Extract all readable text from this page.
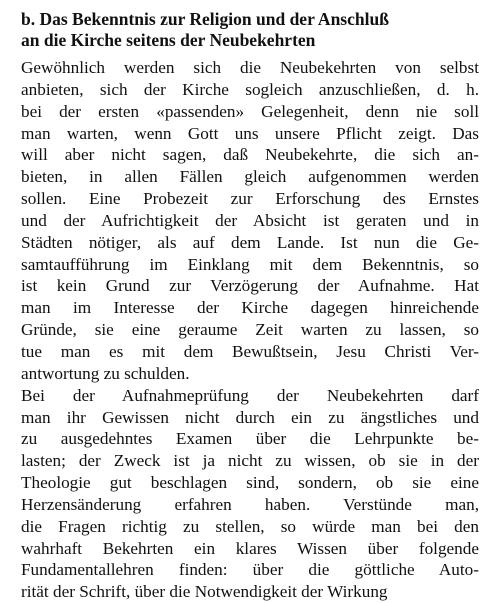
b. Das Bekenntnis zur Religion und der Anschluß
an die Kirche seitens der Neubekehrten
Gewöhnlich werden sich die Neubekehrten von selbst
anbieten, sich der Kirche sogleich anzuschließen, d. h.
bei der ersten «passenden» Gelegenheit, denn nie soll
man warten, wenn Gott uns unsere Pflicht zeigt. Das
will aber nicht sagen, daß Neubekehrte, die sich an-
bieten, in allen Fällen gleich aufgenommen werden
sollen. Eine Probezeit zur Erforschung des Ernstes
und der Aufrichtigkeit der Absicht ist geraten und in
Städten nötiger, als auf dem Lande. Ist nun die Ge-
samtaufführung im Einklang mit dem Bekenntnis, so
ist kein Grund zur Verzögerung der Aufnahme. Hat
man im Interesse der Kirche dagegen hinreichende
Gründe, sie eine geraume Zeit warten zu lassen, so
tue man es mit dem Bewußtsein, Jesu Christi Ver-
antwortung zu schulden.
Bei der Aufnahmeprüfung der Neubekehrten darf
man ihr Gewissen nicht durch ein zu ängstliches und
zu ausgedehntes Examen über die Lehrpunkte be-
lasten; der Zweck ist ja nicht zu wissen, ob sie in der
Theologie gut beschlagen sind, sondern, ob sie eine
Herzensänderung erfahren haben. Verstünde man,
die Fragen richtig zu stellen, so würde man bei den
wahrhaft Bekehrten ein klares Wissen über folgende
Fundamentallehren finden: über die göttliche Auto-
rität der Schrift, über die Notwendigkeit der Wirkung
